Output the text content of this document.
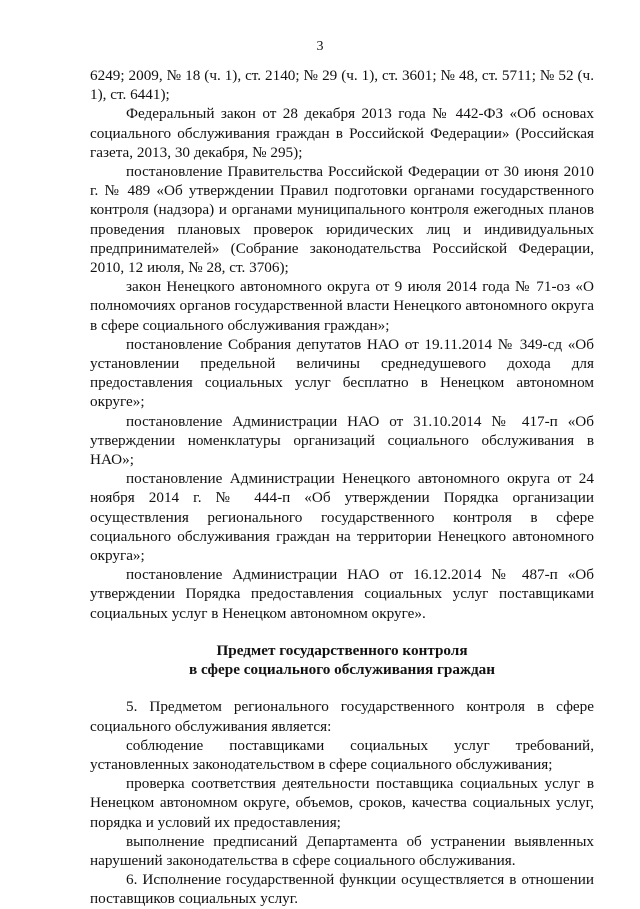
3

6249; 2009, № 18 (ч. 1), ст. 2140; № 29 (ч. 1), ст. 3601; № 48, ст. 5711; № 52 (ч. 1), ст. 6441);

Федеральный закон от 28 декабря 2013 года № 442-ФЗ «Об основах социального обслуживания граждан в Российской Федерации» (Российская газета, 2013, 30 декабря, № 295);

постановление Правительства Российской Федерации от 30 июня 2010 г. № 489 «Об утверждении Правил подготовки органами государственного контроля (надзора) и органами муниципального контроля ежегодных планов проведения плановых проверок юридических лиц и индивидуальных предпринимателей» (Собрание законодательства Российской Федерации, 2010, 12 июля, № 28, ст. 3706);

закон Ненецкого автономного округа от 9 июля 2014 года № 71-оз «О полномочиях органов государственной власти Ненецкого автономного округа в сфере социального обслуживания граждан»;

постановление Собрания депутатов НАО от 19.11.2014 № 349-сд «Об установлении предельной величины среднедушевого дохода для предоставления социальных услуг бесплатно в Ненецком автономном округе»;

постановление Администрации НАО от 31.10.2014 № 417-п «Об утверждении номенклатуры организаций социального обслуживания в НАО»;

постановление Администрации Ненецкого автономного округа от 24 ноября 2014 г. № 444-п «Об утверждении Порядка организации осуществления регионального государственного контроля в сфере социального обслуживания граждан на территории Ненецкого автономного округа»;

постановление Администрации НАО от 16.12.2014 № 487-п «Об утверждении Порядка предоставления социальных услуг поставщиками социальных услуг в Ненецком автономном округе».

Предмет государственного контроля
в сфере социального обслуживания граждан

5. Предметом регионального государственного контроля в сфере социального обслуживания является:

соблюдение поставщиками социальных услуг требований, установленных законодательством в сфере социального обслуживания;

проверка соответствия деятельности поставщика социальных услуг в Ненецком автономном округе, объемов, сроков, качества социальных услуг, порядка и условий их предоставления;

выполнение предписаний Департамента об устранении выявленных нарушений законодательства в сфере социального обслуживания.

6. Исполнение государственной функции осуществляется в отношении поставщиков социальных услуг.
